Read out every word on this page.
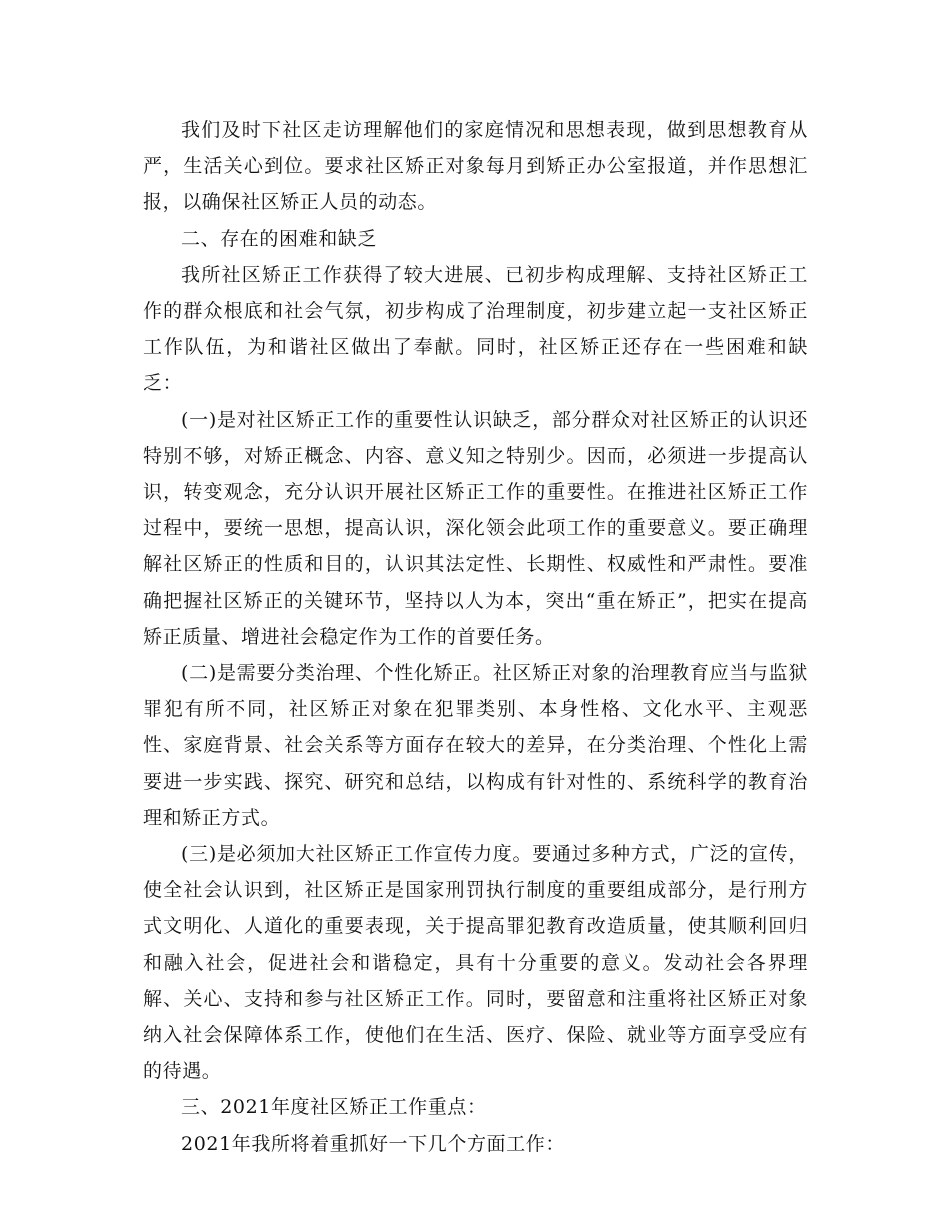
我们及时下社区走访理解他们的家庭情况和思想表现，做到思想教育从严，生活关心到位。要求社区矫正对象每月到矫正办公室报道，并作思想汇报，以确保社区矫正人员的动态。

二、存在的困难和缺乏

我所社区矫正工作获得了较大进展、已初步构成理解、支持社区矫正工作的群众根底和社会气氛，初步构成了治理制度，初步建立起一支社区矫正工作队伍，为和谐社区做出了奉献。同时，社区矫正还存在一些困难和缺乏：

(一)是对社区矫正工作的重要性认识缺乏，部分群众对社区矫正的认识还特别不够，对矫正概念、内容、意义知之特别少。因而，必须进一步提高认识，转变观念，充分认识开展社区矫正工作的重要性。在推进社区矫正工作过程中，要统一思想，提高认识，深化领会此项工作的重要意义。要正确理解社区矫正的性质和目的，认识其法定性、长期性、权威性和严肃性。要准确把握社区矫正的关键环节，坚持以人为本，突出“重在矫正”，把实在提高矫正质量、增进社会稳定作为工作的首要任务。

(二)是需要分类治理、个性化矫正。社区矫正对象的治理教育应当与监狱罪犯有所不同，社区矫正对象在犯罪类别、本身性格、文化水平、主观恶性、家庭背景、社会关系等方面存在较大的差异，在分类治理、个性化上需要进一步实践、探究、研究和总结，以构成有针对性的、系统科学的教育治理和矫正方式。

(三)是必须加大社区矫正工作宣传力度。要通过多种方式，广泛的宣传，使全社会认识到，社区矫正是国家刑罚执行制度的重要组成部分，是行刑方式文明化、人道化的重要表现，关于提高罪犯教育改造质量，使其顺利回归和融入社会，促进社会和谐稳定，具有十分重要的意义。发动社会各界理解、关心、支持和参与社区矫正工作。同时，要留意和注重将社区矫正对象纳入社会保障体系工作，使他们在生活、医疗、保险、就业等方面享受应有的待遇。

三、2021年度社区矫正工作重点：

2021年我所将着重抓好一下几个方面工作：
